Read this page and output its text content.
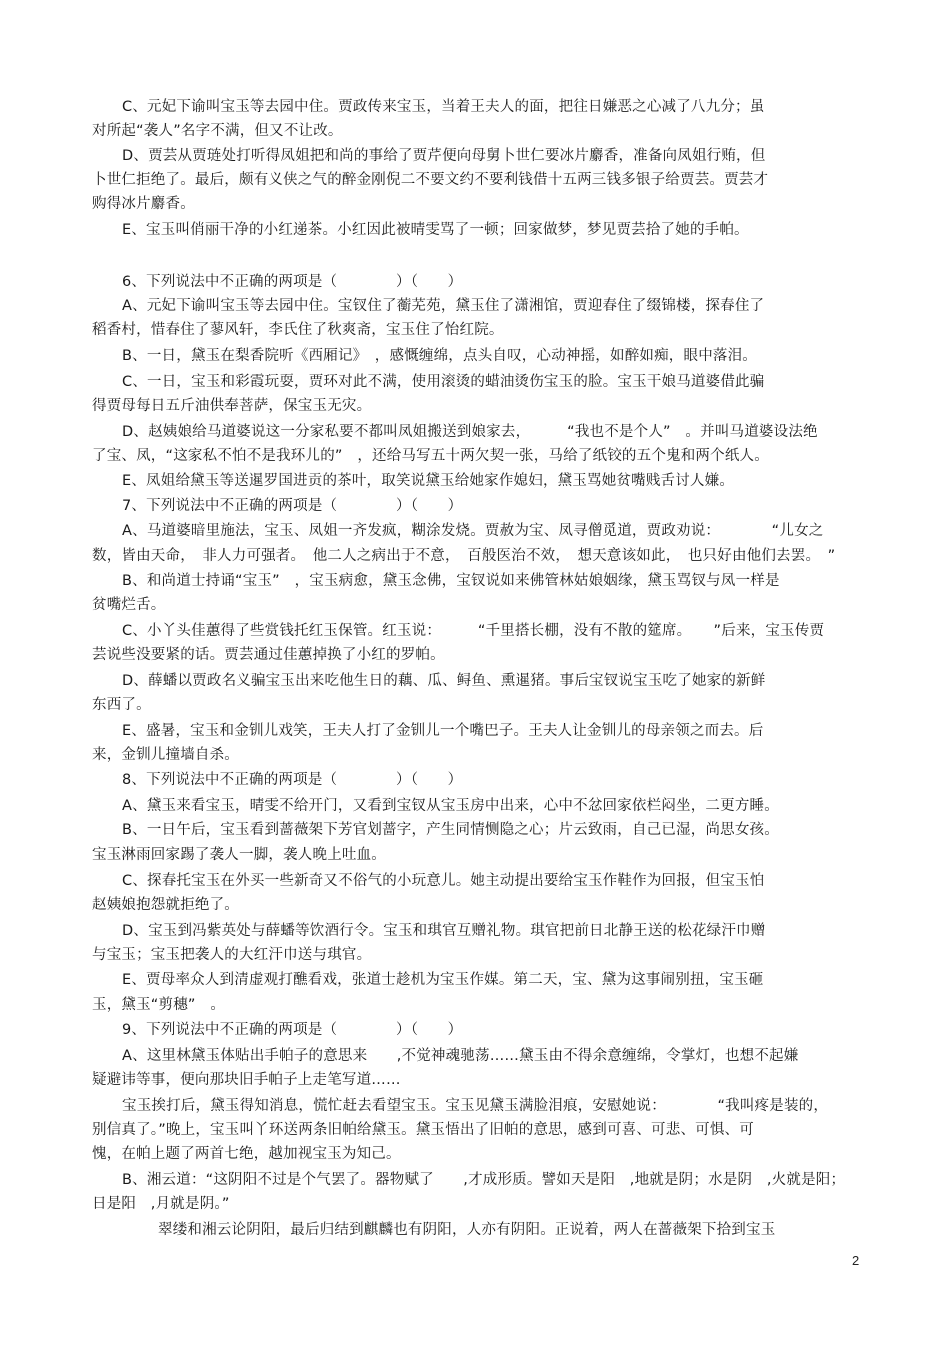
C、元妃下谕叫宝玉等去园中住。贾政传来宝玉，当着王夫人的面，把往日嫌恶之心减了八九分；虽
对所起“袭人”名字不满，但又不让改。
D、贾芸从贾琏处打听得凤姐把和尚的事给了贾芹便向母舅卜世仁要冰片麝香，准备向凤姐行贿，但
卜世仁拒绝了。最后，颇有义侠之气的醉金刚倪二不要文约不要利钱借十五两三钱多银子给贾芸。贾芸才
购得冰片麝香。
E、宝玉叫俏丽干净的小红递茶。小红因此被晴雯骂了一顿；回家做梦，梦见贾芸拾了她的手帕。
6、下列说法中不正确的两项是（　　　　）（　　）
A、元妃下谕叫宝玉等去园中住。宝钗住了蘅芜苑，黛玉住了潇湘馆，贾迎春住了缀锦楼，探春住了
稻香村，惜春住了蓼风轩，李氏住了秋爽斋，宝玉住了怡红院。
B、一日，黛玉在梨香院听《西厢记》　，感慨缠绵，点头自叹，心动神摇，如醉如痴，眼中落泪。
C、一日，宝玉和彩霞玩耍，贾环对此不满，使用滚烫的蜡油烫伤宝玉的脸。宝玉干娘马道婆借此骗
得贾母每日五斤油供奉菩萨，保宝玉无灾。
D、赵姨娘给马道婆说这一分家私要不都叫凤姐搬送到娘家去，　　　“我也不是个人”　。并叫马道婆设法绝
了宝、凤，“这家私不怕不是我环儿的”　，还给马写五十两欠契一张，马给了纸铰的五个鬼和两个纸人。
E、凤姐给黛玉等送暹罗国进贡的茶叶，取笑说黛玉给她家作媳妇，黛玉骂她贫嘴贱舌讨人嫌。
7、下列说法中不正确的两项是（　　　　）（　　）
A、马道婆暗里施法，宝玉、凤姐一齐发疯，糊涂发烧。贾赦为宝、凤寻僧觅道，贾政劝说：　　　　“儿女之
数，皆由天命，　非人力可强者。　他二人之病出于不意，　百般医治不效，　想天意该如此，　也只好由他们去罢。　”
B、和尚道士持诵“宝玉”　，宝玉病愈，黛玉念佛，宝钗说如来佛管林姑娘姻缘，黛玉骂钗与凤一样是
贫嘴烂舌。
C、小丫头佳蕙得了些赏钱托红玉保管。红玉说：　　　“千里搭长棚，没有不散的筵席。　　”后来，宝玉传贾
芸说些没要紧的话。贾芸通过佳蕙掉换了小红的罗帕。
D、薛蟠以贾政名义骗宝玉出来吃他生日的藕、瓜、鲟鱼、熏暹猪。事后宝钗说宝玉吃了她家的新鲜
东西了。
E、盛暑，宝玉和金钏儿戏笑，王夫人打了金钏儿一个嘴巴子。王夫人让金钏儿的母亲领之而去。后
来，金钏儿撞墙自杀。
8、下列说法中不正确的两项是（　　　　）（　　）
A、黛玉来看宝玉，晴雯不给开门，又看到宝钗从宝玉房中出来，心中不忿回家依栏闷坐，二更方睡。
B、一日午后，宝玉看到蔷薇架下芳官划蔷字，产生同情恻隐之心；片云致雨，自己已湿，尚思女孩。
宝玉淋雨回家踢了袭人一脚，袭人晚上吐血。
C、探春托宝玉在外买一些新奇又不俗气的小玩意儿。她主动提出要给宝玉作鞋作为回报，但宝玉怕
赵姨娘抱怨就拒绝了。
D、宝玉到冯紫英处与薛蟠等饮酒行令。宝玉和琪官互赠礼物。琪官把前日北静王送的松花绿汗巾赠
与宝玉；宝玉把袭人的大红汗巾送与琪官。
E、贾母率众人到清虚观打醮看戏，张道士趁机为宝玉作媒。第二天，宝、黛为这事闹别扭，宝玉砸
玉，黛玉“剪穗”　。
9、下列说法中不正确的两项是（　　　　）（　　）
A、这里林黛玉体贴出手帕子的意思来　　,不觉神魂驰荡……黛玉由不得余意缠绵，令掌灯，也想不起嫌
疑避讳等事，便向那块旧手帕子上走笔写道……
宝玉挨打后，黛玉得知消息，慌忙赶去看望宝玉。宝玉见黛玉满脸泪痕，安慰她说：　　　　“我叫疼是装的，
别信真了。”晚上，宝玉叫丫环送两条旧帕给黛玉。黛玉悟出了旧帕的意思，感到可喜、可悲、可惧、可
愧，在帕上题了两首七绝，越加视宝玉为知己。
B、湘云道：“这阴阳不过是个气罢了。器物赋了　　,才成形质。譬如天是阳　,地就是阴；水是阴　,火就是阳；
日是阳　,月就是阴。”
翠缕和湘云论阴阳，最后归结到麒麟也有阴阳，人亦有阴阳。正说着，两人在蔷薇架下拾到宝玉
2
